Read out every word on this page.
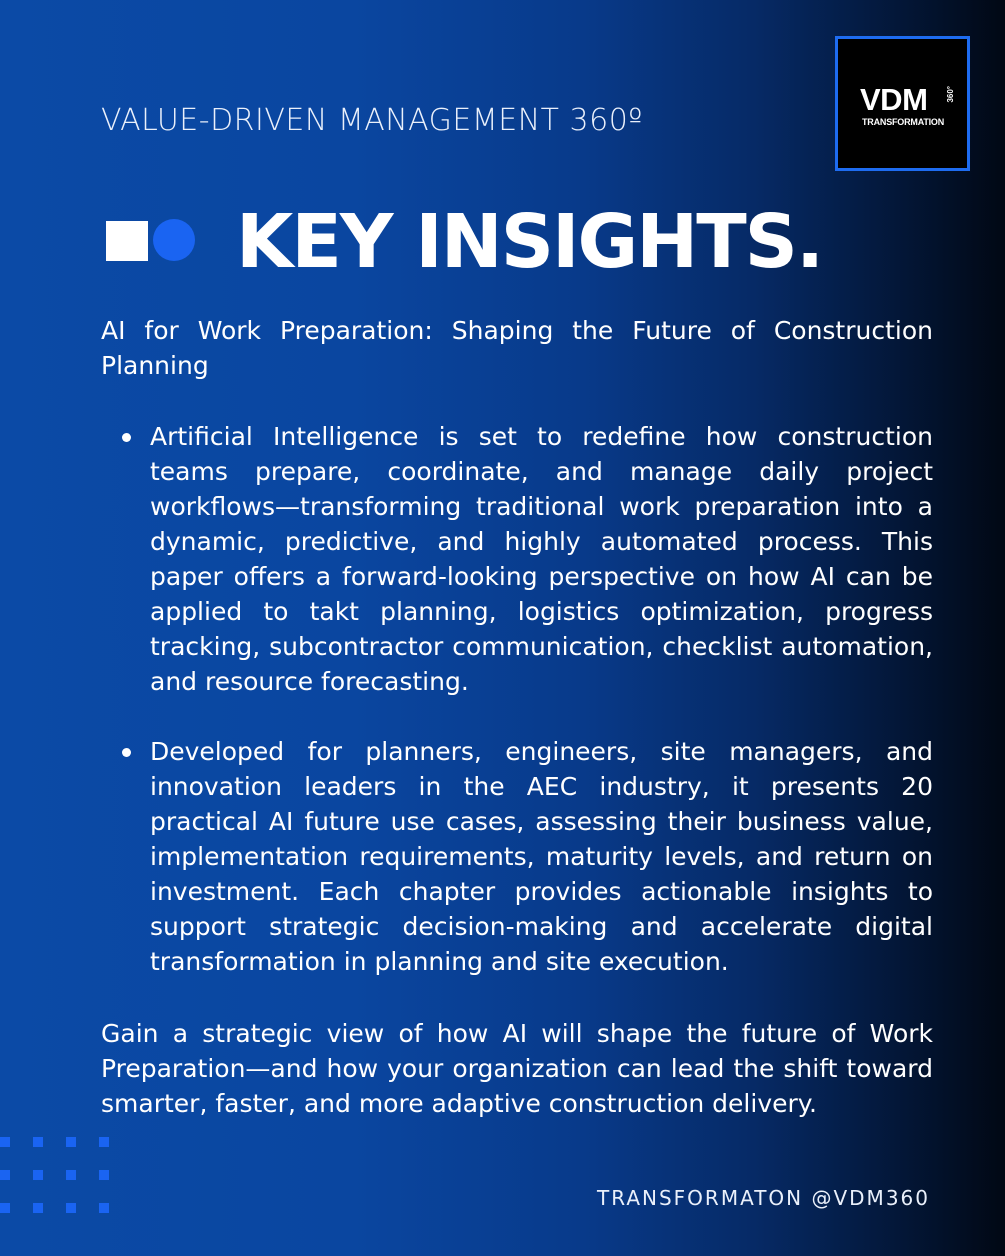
VALUE-DRIVEN MANAGEMENT 360º
VDM 360°
TRANSFORMATION
KEY INSIGHTS.

AI for Work Preparation: Shaping the Future of Construction Planning

Artificial Intelligence is set to redefine how construction teams prepare, coordinate, and manage daily project workflows—transforming traditional work preparation into a dynamic, predictive, and highly automated process. This paper offers a forward-looking perspective on how AI can be applied to takt planning, logistics optimization, progress tracking, subcontractor communication, checklist automation, and resource forecasting.
Developed for planners, engineers, site managers, and innovation leaders in the AEC industry, it presents 20 practical AI future use cases, assessing their business value, implementation requirements, maturity levels, and return on investment. Each chapter provides actionable insights to support strategic decision-making and accelerate digital transformation in planning and site execution.

Gain a strategic view of how AI will shape the future of Work Preparation—and how your organization can lead the shift toward smarter, faster, and more adaptive construction delivery.

TRANSFORMATON @VDM360
